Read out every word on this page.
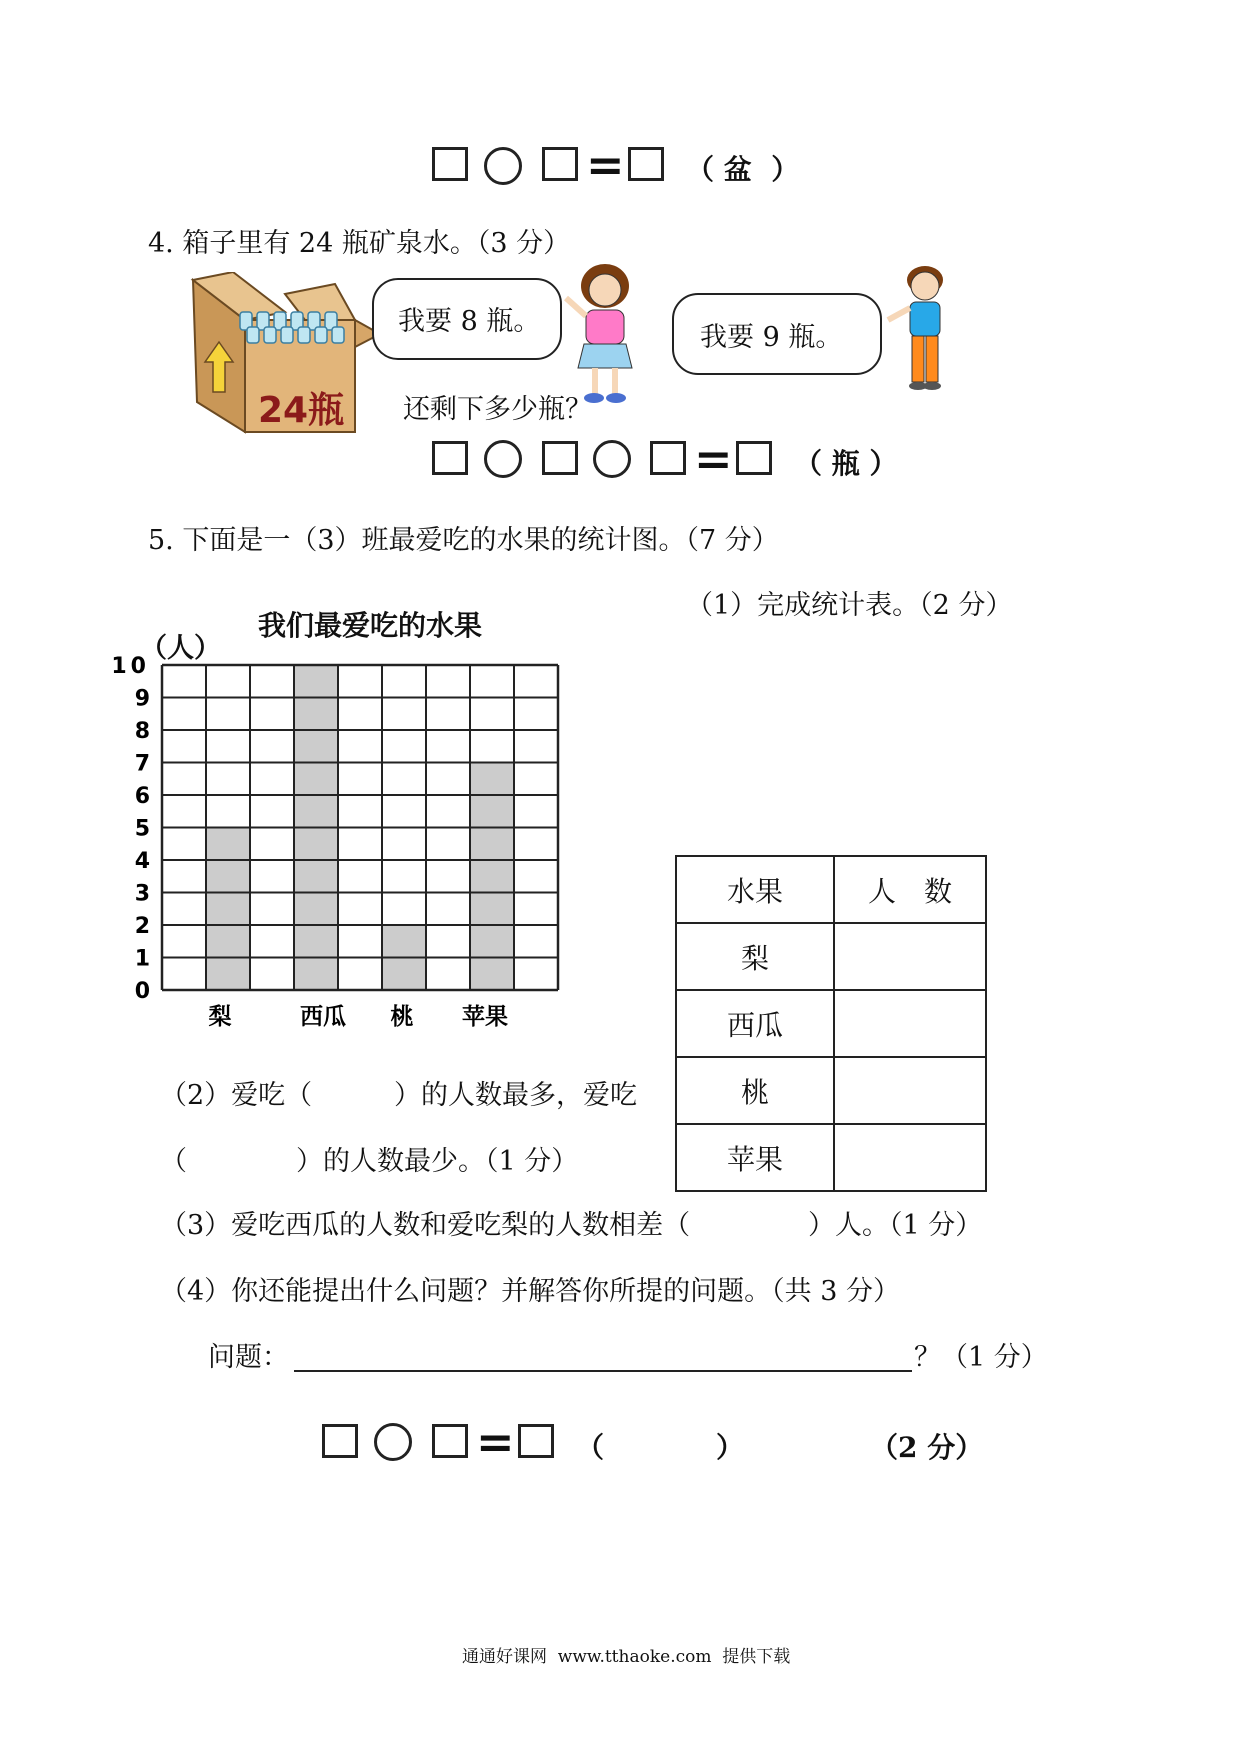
= （ 盆  ）
4. 箱子里有 24 瓶矿泉水。（3 分）
24瓶
我要 8 瓶。
我要 9 瓶。
还剩下多少瓶？
= （ 瓶 ）
5. 下面是一（3）班最爱吃的水果的统计图。（7 分）
（1）完成统计表。（2 分）
我们最爱吃的水果
（人）
10
9
8
7
6
5
4
3
2
1
0
梨	西瓜 桃 苹果
水果	人　数
梨	
西瓜	
桃	
苹果	
（2）爱吃（	）的人数最多，爱吃
（	）的人数最少。（1 分）
（3）爱吃西瓜的人数和爱吃梨的人数相差（	）人。（1 分）
（4）你还能提出什么问题？并解答你所提的问题。（共 3 分）
问题：	？（1 分）
= （　　　　）	（2 分）
通通好课网  www.tthaoke.com  提供下载
